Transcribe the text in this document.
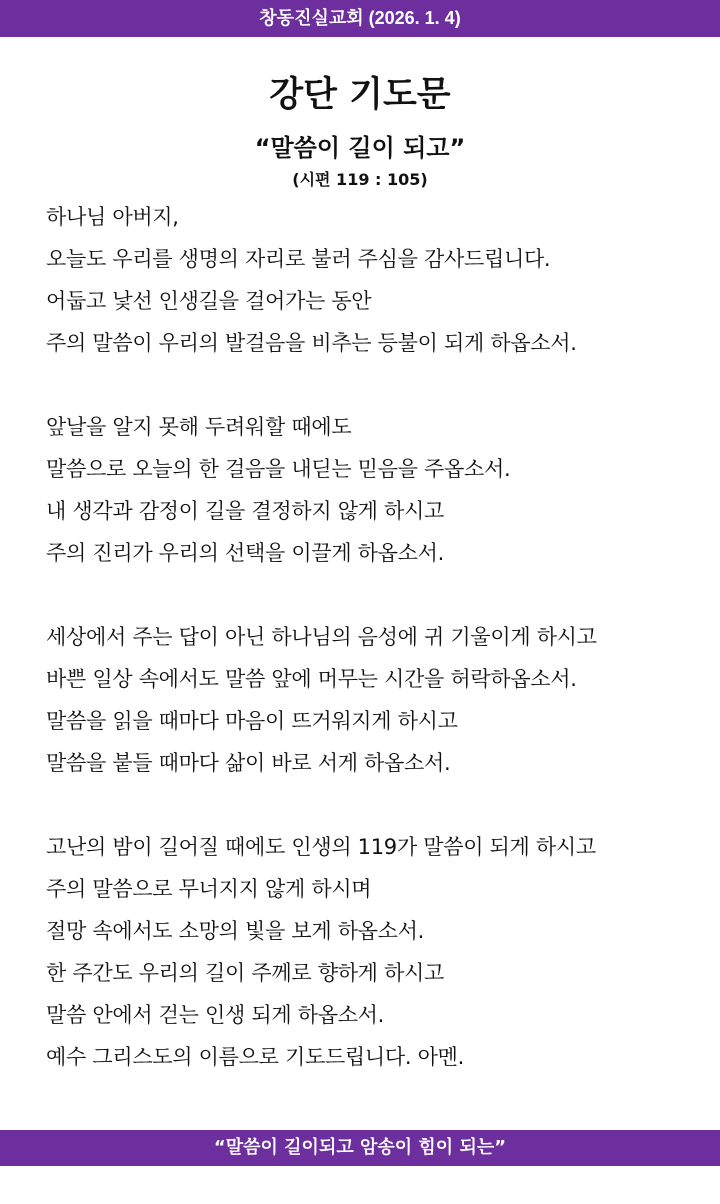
창동진실교회 (2026. 1. 4)
강단 기도문
“말씀이 길이 되고”
(시편 119 : 105)
하나님 아버지,
오늘도 우리를 생명의 자리로 불러 주심을 감사드립니다.
어둡고 낯선 인생길을 걸어가는 동안
주의 말씀이 우리의 발걸음을 비추는 등불이 되게 하옵소서.
앞날을 알지 못해 두려워할 때에도
말씀으로 오늘의 한 걸음을 내딛는 믿음을 주옵소서.
내 생각과 감정이 길을 결정하지 않게 하시고
주의 진리가 우리의 선택을 이끌게 하옵소서.
세상에서 주는 답이 아닌 하나님의 음성에 귀 기울이게 하시고
바쁜 일상 속에서도 말씀 앞에 머무는 시간을 허락하옵소서.
말씀을 읽을 때마다 마음이 뜨거워지게 하시고
말씀을 붙들 때마다 삶이 바로 서게 하옵소서.
고난의 밤이 길어질 때에도 인생의 119가 말씀이 되게 하시고
주의 말씀으로 무너지지 않게 하시며
절망 속에서도 소망의 빛을 보게 하옵소서.
한 주간도 우리의 길이 주께로 향하게 하시고
말씀 안에서 걷는 인생 되게 하옵소서.
예수 그리스도의 이름으로 기도드립니다. 아멘.
“말씀이 길이되고 암송이 힘이 되는”
